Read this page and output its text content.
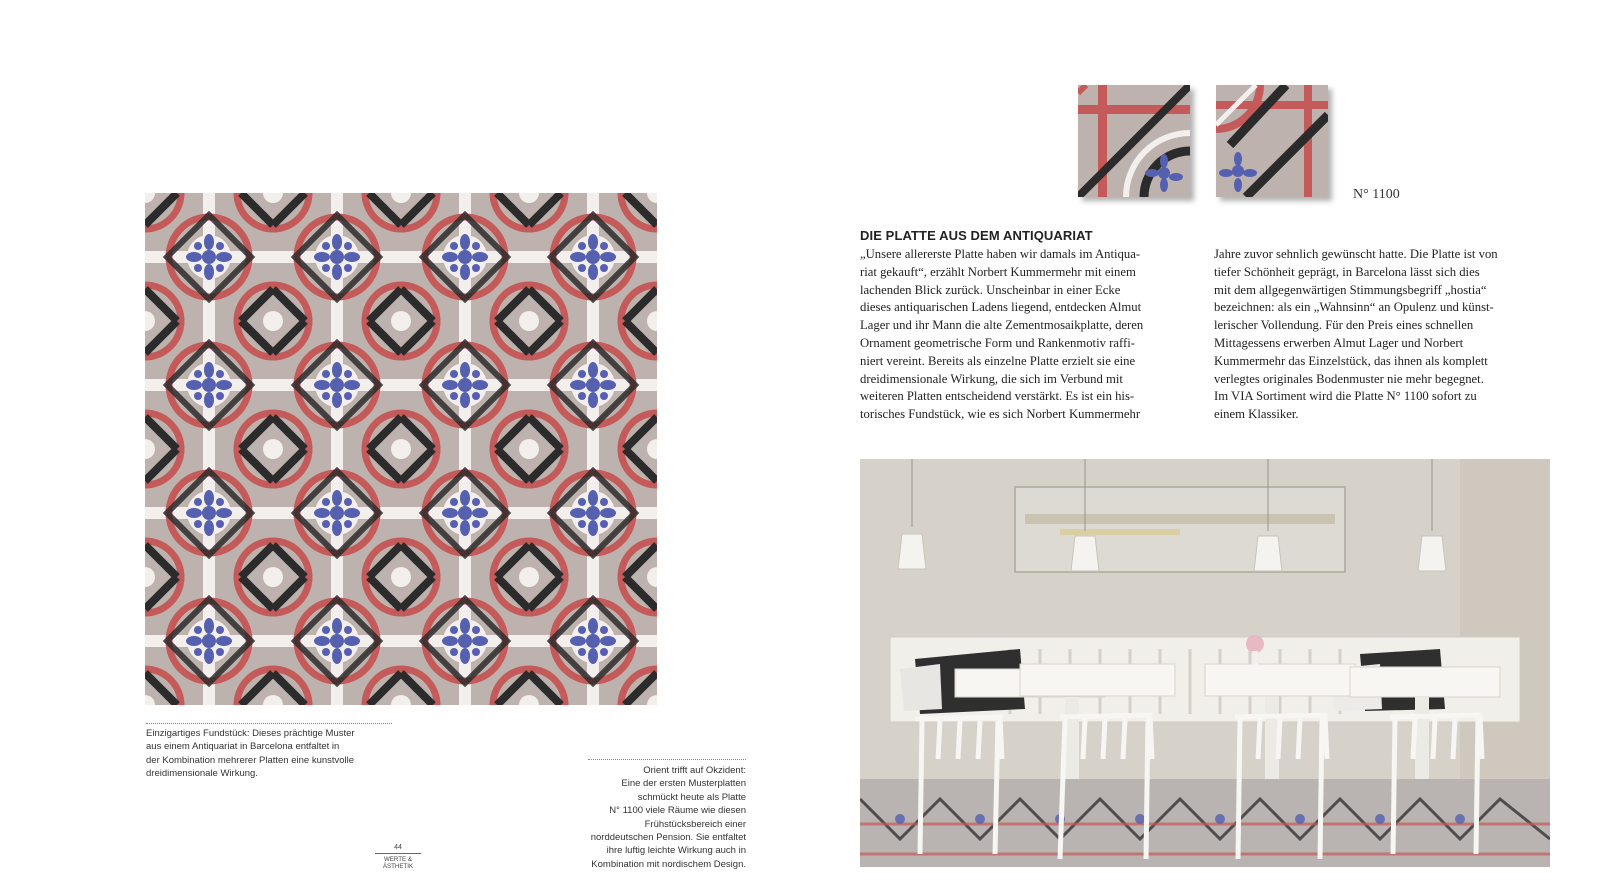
Einzigartiges Fundstück: Dieses prächtige Muster
aus einem Antiquariat in Barcelona entfaltet in
der Kombination mehrerer Platten eine kunstvolle
dreidimensionale Wirkung.	Orient trifft auf Okzident:
Eine der ersten Musterplatten
schmückt heute als Platte
N° 1100 viele Räume wie diesen
Frühstücksbereich einer
norddeutschen Pension. Sie entfaltet
ihre luftig leichte Wirkung auch in
Kombination mit nordischem Design.
44
WERTE &
ÄSTHETIK
N° 1100
DIE PLATTE AUS DEM ANTIQUARIAT
„Unsere allererste Platte haben wir damals im Antiqua-
riat gekauft“, erzählt Norbert Kummermehr mit einem
lachenden Blick zurück. Unscheinbar in einer Ecke
dieses antiquarischen Ladens liegend, entdecken Almut
Lager und ihr Mann die alte Zementmosaikplatte, deren
Ornament geometrische Form und Rankenmotiv raffi-
niert vereint. Bereits als einzelne Platte erzielt sie eine
dreidimensionale Wirkung, die sich im Verbund mit
weiteren Platten entscheidend verstärkt. Es ist ein his-
torisches Fundstück, wie es sich Norbert Kummermehr
Jahre zuvor sehnlich gewünscht hatte. Die Platte ist von
tiefer Schönheit geprägt, in Barcelona lässt sich dies
mit dem allgegenwärtigen Stimmungsbegriff „hostia“
bezeichnen: als ein „Wahnsinn“ an Opulenz und künst-
lerischer Vollendung. Für den Preis eines schnellen
Mittagessens erwerben Almut Lager und Norbert
Kummermehr das Einzelstück, das ihnen als komplett
verlegtes originales Bodenmuster nie mehr begegnet.
Im VIA Sortiment wird die Platte N° 1100 sofort zu
einem Klassiker.
